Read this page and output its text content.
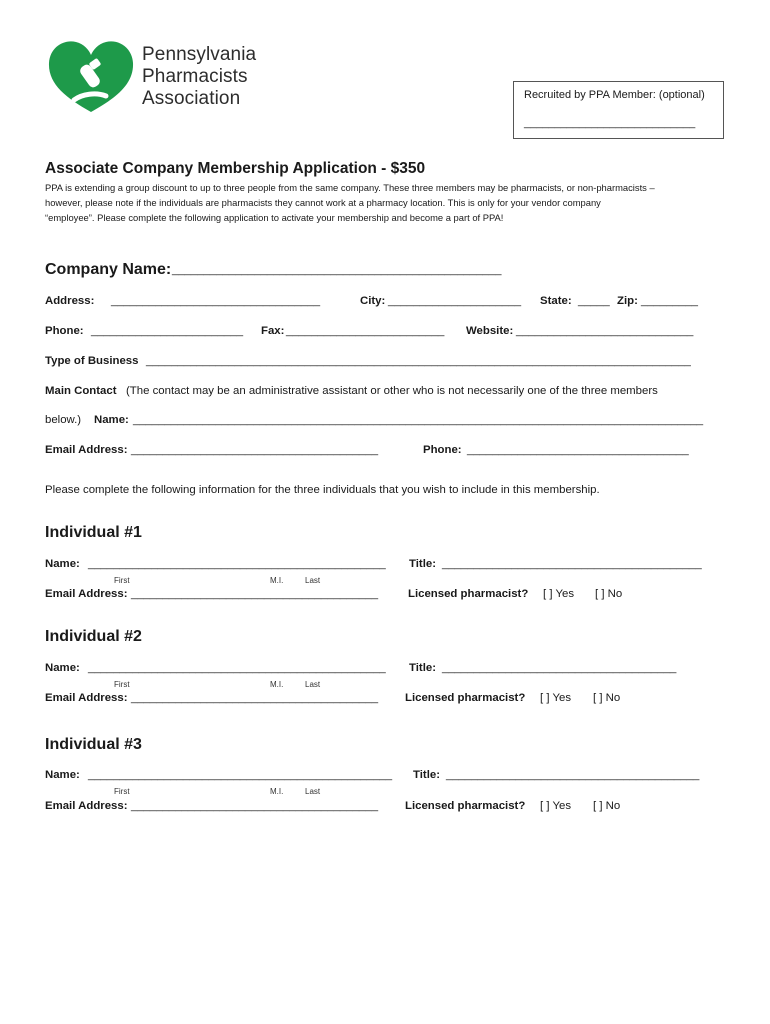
Pennsylvania
Pharmacists
Association	Recruited by PPA Member: (optional)
____________________________
Associate Company Membership Application - $350
PPA is extending a group discount to up to three people from the same company. These three members may be pharmacists, or non-pharmacists –
however, please note if the individuals are pharmacists they cannot work at a pharmacy location. This is only for your vendor company
“employee”. Please complete the following application to activate your membership and become a part of PPA!
Company Name: ____________________________________________________
Address: _________________________________	City: _____________________ State: _____ Zip: _________
Phone: ________________________ Fax: _________________________ Website: ____________________________
Type of Business ______________________________________________________________________________________
Main Contact (The contact may be an administrative assistant or other who is not necessarily one of the three members
below.) Name: __________________________________________________________________________________________
Email Address: _______________________________________	Phone: ___________________________________
Please complete the following information for the three individuals that you wish to include in this membership.
Individual #1
Name: _______________________________________________ Title: _________________________________________
First	M.I.	Last
Email Address: _______________________________________	Licensed pharmacist? [ ] Yes [ ] No
Individual #2
Name: _______________________________________________ Title: _____________________________________
First	M.I.	Last
Email Address: _______________________________________ Licensed pharmacist? [ ] Yes [ ] No
Individual #3
Name: ________________________________________________ Title: ________________________________________
First	M.I.	Last
Email Address: _______________________________________ Licensed pharmacist? [ ] Yes [ ] No
